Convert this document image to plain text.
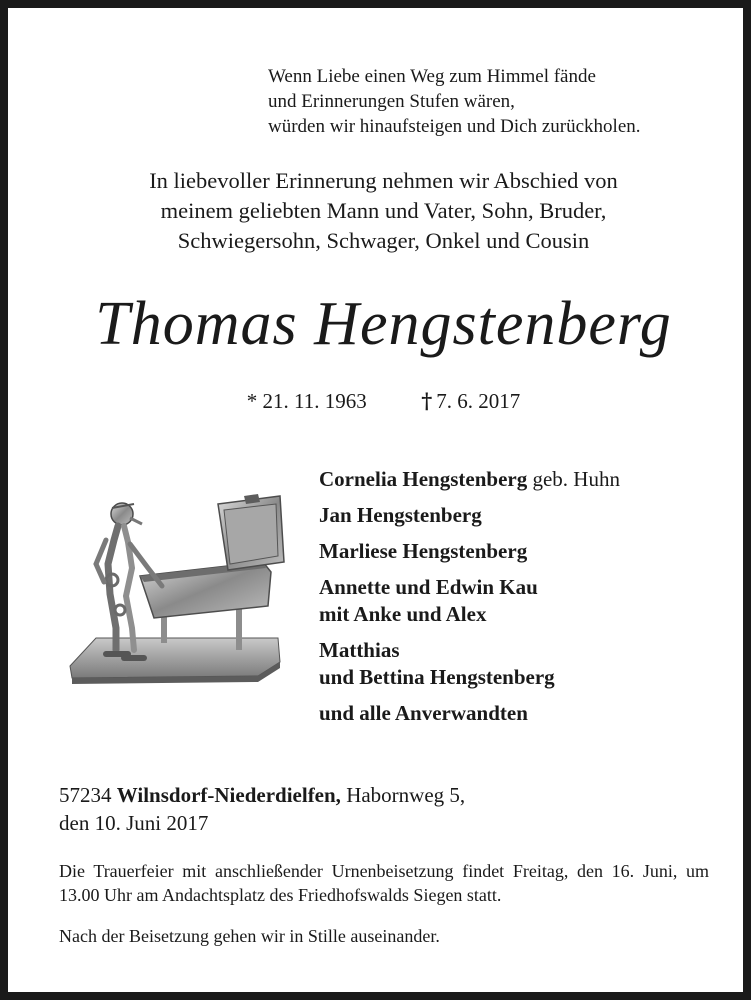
Wenn Liebe einen Weg zum Himmel fände
und Erinnerungen Stufen wären,
würden wir hinaufsteigen und Dich zurückholen.
In liebevoller Erinnerung nehmen wir Abschied von
meinem geliebten Mann und Vater, Sohn, Bruder,
Schwiegersohn, Schwager, Onkel und Cousin
Thomas Hengstenberg
* 21. 11. 1963	† 7. 6. 2017
Cornelia Hengstenberg geb. Huhn
Jan Hengstenberg
Marliese Hengstenberg
Annette und Edwin Kau
mit Anke und Alex
Matthias
und Bettina Hengstenberg
und alle Anverwandten
57234 Wilnsdorf-Niederdielfen, Habornweg 5,
den 10. Juni 2017
Die Trauerfeier mit anschließender Urnenbeisetzung findet Freitag, den 16. Juni, um 13.00 Uhr am Andachtsplatz des Friedhofswalds Siegen statt.
Nach der Beisetzung gehen wir in Stille auseinander.
